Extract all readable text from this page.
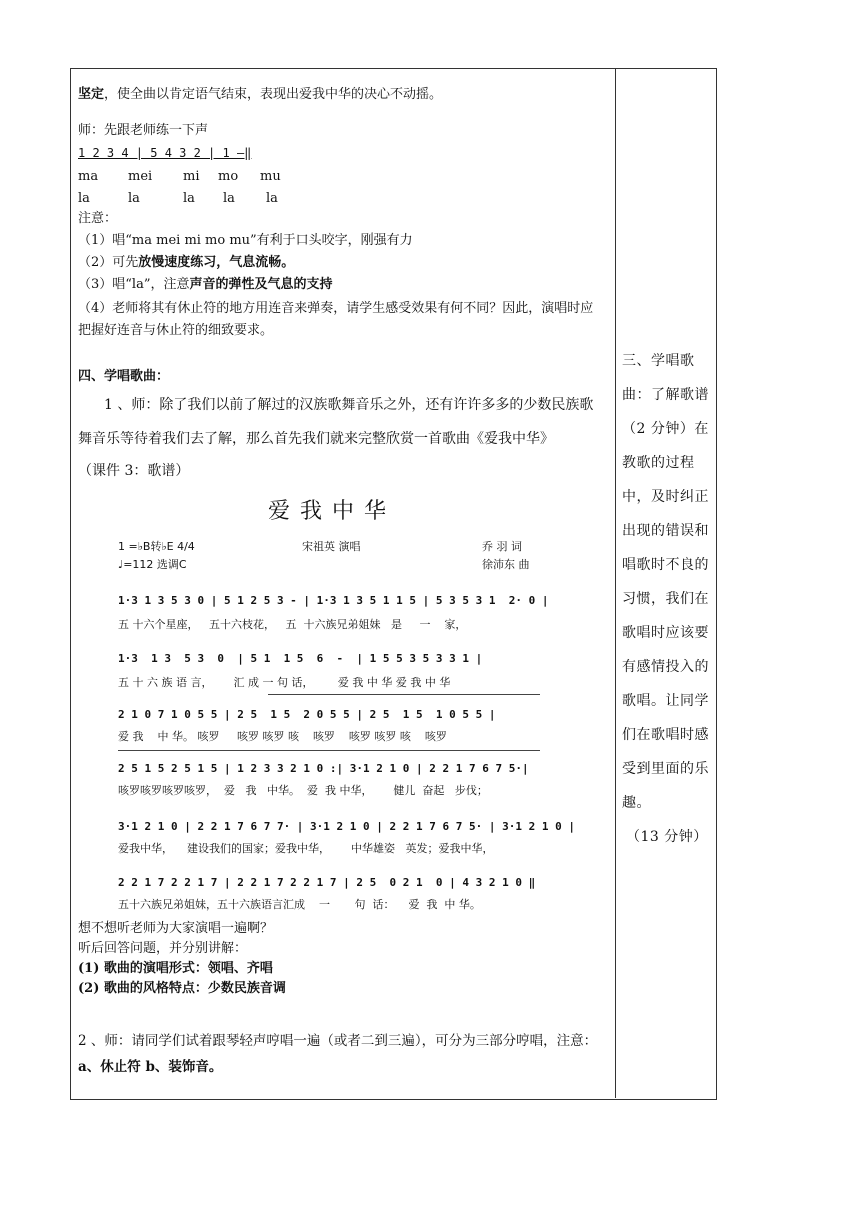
坚定，使全曲以肯定语气结束，表现出爱我中华的决心不动摇。
师：先跟老师练一下声
1 2 3 4 | 5 4 3 2 | 1 —‖
ma mei mi mo mu
la	la	la la la
注意：
（1）唱“ma mei mi mo mu”有利于口头咬字，刚强有力
（2）可先放慢速度练习，气息流畅。
（3）唱“la”，注意声音的弹性及气息的支持
（4）老师将其有休止符的地方用连音来弹奏，请学生感受效果有何不同？因此，演唱时应把握好连音与休止符的细致要求。
四、学唱歌曲：
1 、师：除了我们以前了解过的汉族歌舞音乐之外，还有许许多多的少数民族歌舞音乐等待着我们去了解，那么首先我们就来完整欣赏一首歌曲《爱我中华》
（课件 3：歌谱）
爱我中华
1 =♭B转♭E 4/4
♩=112 选调C
宋祖英 演唱	乔 羽 词
徐沛东 曲
1·3 1 3 5 3 0 | 5 1 2 5 3 - | 1·3 1 3 5 1 1 5 | 5 3 5 3 1  2· 0 |
五 十六个星座，   五十六枝花，   五  十六族兄弟姐妹   是     一    家，
1·3  1 3  5 3  0  | 5 1  1 5  6  -  | 1 5 5 3 5 3 3 1 |
五 十 六 族 语 言，      汇 成 一 句 话，       爱 我 中 华 爱 我 中 华
2 1 0 7 1 0 5 5 | 2 5  1 5  2 0 5 5 | 2 5  1 5  1 0 5 5 |
爱 我    中 华。 咳罗     咳罗 咳罗 咳    咳罗    咳罗 咳罗 咳    咳罗
2 5 1 5 2 5 1 5 | 1 2 3 3 2 1 0 :| 3·1 2 1 0 | 2 2 1 7 6 7 5·|
咳罗咳罗咳罗咳罗，  爱   我   中华。  爱  我 中华，      健儿  奋起   步伐；
3·1 2 1 0 | 2 2 1 7 6 7 7· | 3·1 2 1 0 | 2 2 1 7 6 7 5· | 3·1 2 1 0 |
爱我中华，    建设我们的国家；爱我中华，      中华雄姿   英发；爱我中华，
2 2 1 7 2 2 1 7 | 2 2 1 7 2 2 1 7 | 2 5  0 2 1  0 | 4 3 2 1 0 ‖
五十六族兄弟姐妹，五十六族语言汇成    一       句  话：    爱  我  中 华。
想不想听老师为大家演唱一遍啊？
听后回答问题，并分别讲解：
(1) 歌曲的演唱形式：领唱、齐唱
(2) 歌曲的风格特点：少数民族音调
2 、师：请同学们试着跟琴轻声哼唱一遍（或者二到三遍），可分为三部分哼唱，注意：a、休止符 b、装饰音。

三、学唱歌曲：了解歌谱（2 分钟）在教歌的过程中，及时纠正出现的错误和唱歌时不良的习惯，我们在歌唱时应该要有感情投入的歌唱。让同学们在歌唱时感受到里面的乐趣。

（13 分钟）
